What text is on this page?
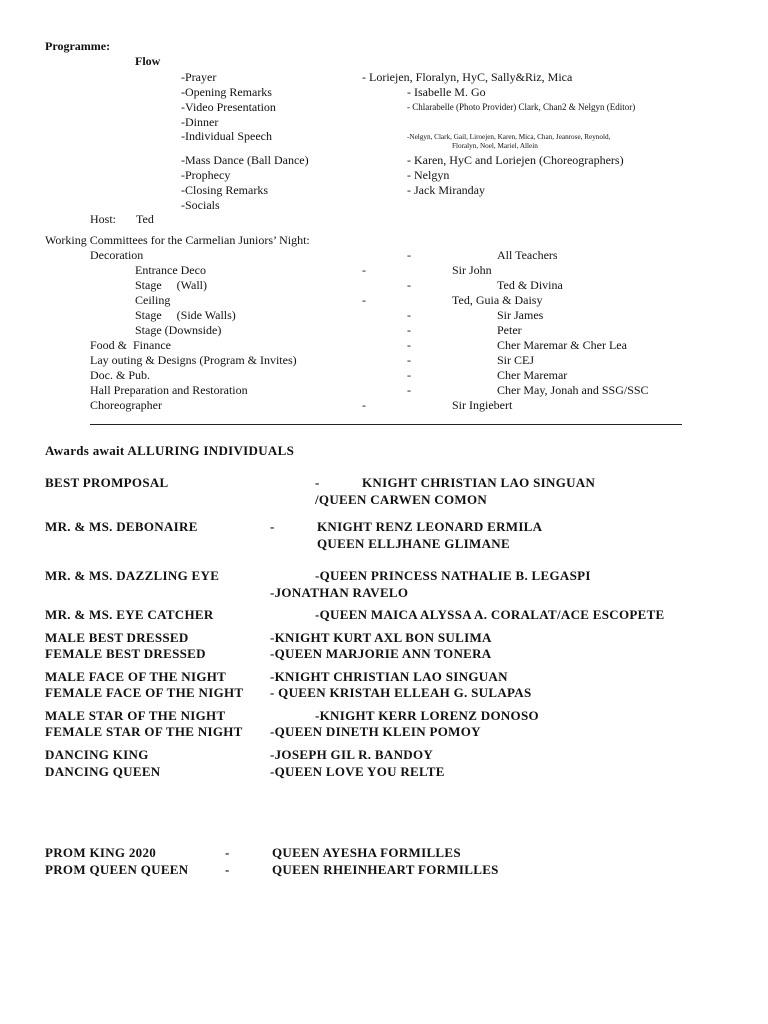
Programme:
Flow
-Prayer	- Loriejen, Floralyn, HyC, Sally&Riz, Mica
-Opening Remarks	- Isabelle M. Go
-Video Presentation	- Chlarabelle (Photo Provider) Clark, Chan2 & Nelgyn (Editor)
-Dinner
-Individual Speech	-Nelgyn, Clark, Gail, Liroejen, Karen, Mica, Chan, Jeanrose, Reynold,
Floralyn, Noel, Mariel, Allein
-Mass Dance (Ball Dance)	- Karen, HyC and Loriejen (Choreographers)
-Prophecy	- Nelgyn
-Closing Remarks	- Jack Miranday
-Socials
Host: Ted
Working Committees for the Carmelian Juniors’ Night:
Decoration	-	All Teachers
Entrance Deco	-	Sir John
Stage     (Wall)	-	Ted & Divina
Ceiling	-	Ted, Guia & Daisy
Stage     (Side Walls)	-	Sir James
Stage (Downside)	-	Peter
Food &  Finance	-	Cher Maremar & Cher Lea
Lay outing & Designs (Program & Invites)	-	Sir CEJ
Doc. & Pub.	-	Cher Maremar
Hall Preparation and Restoration	-	Cher May, Jonah and SSG/SSC
Choreographer	-	Sir Ingiebert
Awards await ALLURING INDIVIDUALS
BEST PROMPOSAL	-	KNIGHT CHRISTIAN LAO SINGUAN
/QUEEN CARWEN COMON
MR. & MS. DEBONAIRE	-	KNIGHT RENZ LEONARD ERMILA
QUEEN ELLJHANE GLIMANE
MR. & MS. DAZZLING EYE	-QUEEN PRINCESS NATHALIE B. LEGASPI
-JONATHAN RAVELO
MR. & MS. EYE CATCHER	-QUEEN MAICA ALYSSA A. CORALAT/ACE ESCOPETE
MALE BEST DRESSED	-KNIGHT KURT AXL BON SULIMA
FEMALE BEST DRESSED	-QUEEN MARJORIE ANN TONERA
MALE FACE OF THE NIGHT	-KNIGHT CHRISTIAN LAO SINGUAN
FEMALE FACE OF THE NIGHT - QUEEN KRISTAH ELLEAH G. SULAPAS
MALE STAR OF THE NIGHT	-KNIGHT KERR LORENZ DONOSO
FEMALE STAR OF THE NIGHT -QUEEN DINETH KLEIN POMOY
DANCING KING	-JOSEPH GIL R. BANDOY
DANCING QUEEN	-QUEEN LOVE YOU RELTE
PROM KING 2020	-	QUEEN AYESHA FORMILLES
PROM QUEEN QUEEN	-	QUEEN RHEINHEART FORMILLES
